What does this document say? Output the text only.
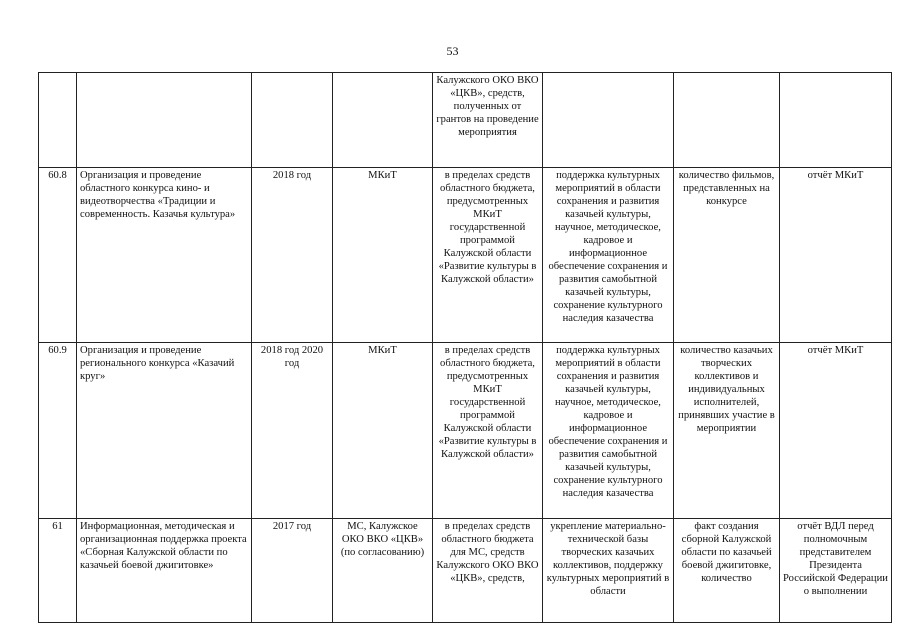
53
				Калужского ОКО ВКО «ЦКВ», средств, полученных от грантов на проведение мероприятия			
60.8	Организация и проведение областного конкурса кино- и видеотворчества «Традиции и современность. Казачья культура»	2018 год	МКиТ	в пределах средств областного бюджета, предусмотренных МКиТ государственной программой Калужской области «Развитие культуры в Калужской области»	поддержка культурных мероприятий в области сохранения и развития казачьей культуры, научное, методическое, кадровое и информационное обеспечение сохранения и развития самобытной казачьей культуры, сохранение культурного наследия казачества	количество фильмов, представленных на конкурсе	отчёт МКиТ
60.9	Организация и проведение регионального конкурса «Казачий круг»	2018 год 2020 год	МКиТ	в пределах средств областного бюджета, предусмотренных МКиТ государственной программой Калужской области «Развитие культуры в Калужской области»	поддержка культурных мероприятий в области сохранения и развития казачьей культуры, научное, методическое, кадровое и информационное обеспечение сохранения и развития самобытной казачьей культуры, сохранение культурного наследия казачества	количество казачьих творческих коллективов и индивидуальных исполнителей, принявших участие в мероприятии	отчёт МКиТ
61	Информационная, методическая и организационная поддержка проекта «Сборная Калужской области по казачьей боевой джигитовке»	2017 год	МС, Калужское ОКО ВКО «ЦКВ» (по согласованию)	в пределах средств областного бюджета для МС, средств Калужского ОКО ВКО «ЦКВ», средств,	укрепление материально-технической базы творческих казачьих коллективов, поддержку культурных мероприятий в области	факт создания сборной Калужской области по казачьей боевой джигитовке, количество	отчёт ВДЛ перед полномочным представителем Президента Российской Федерации о выполнении
